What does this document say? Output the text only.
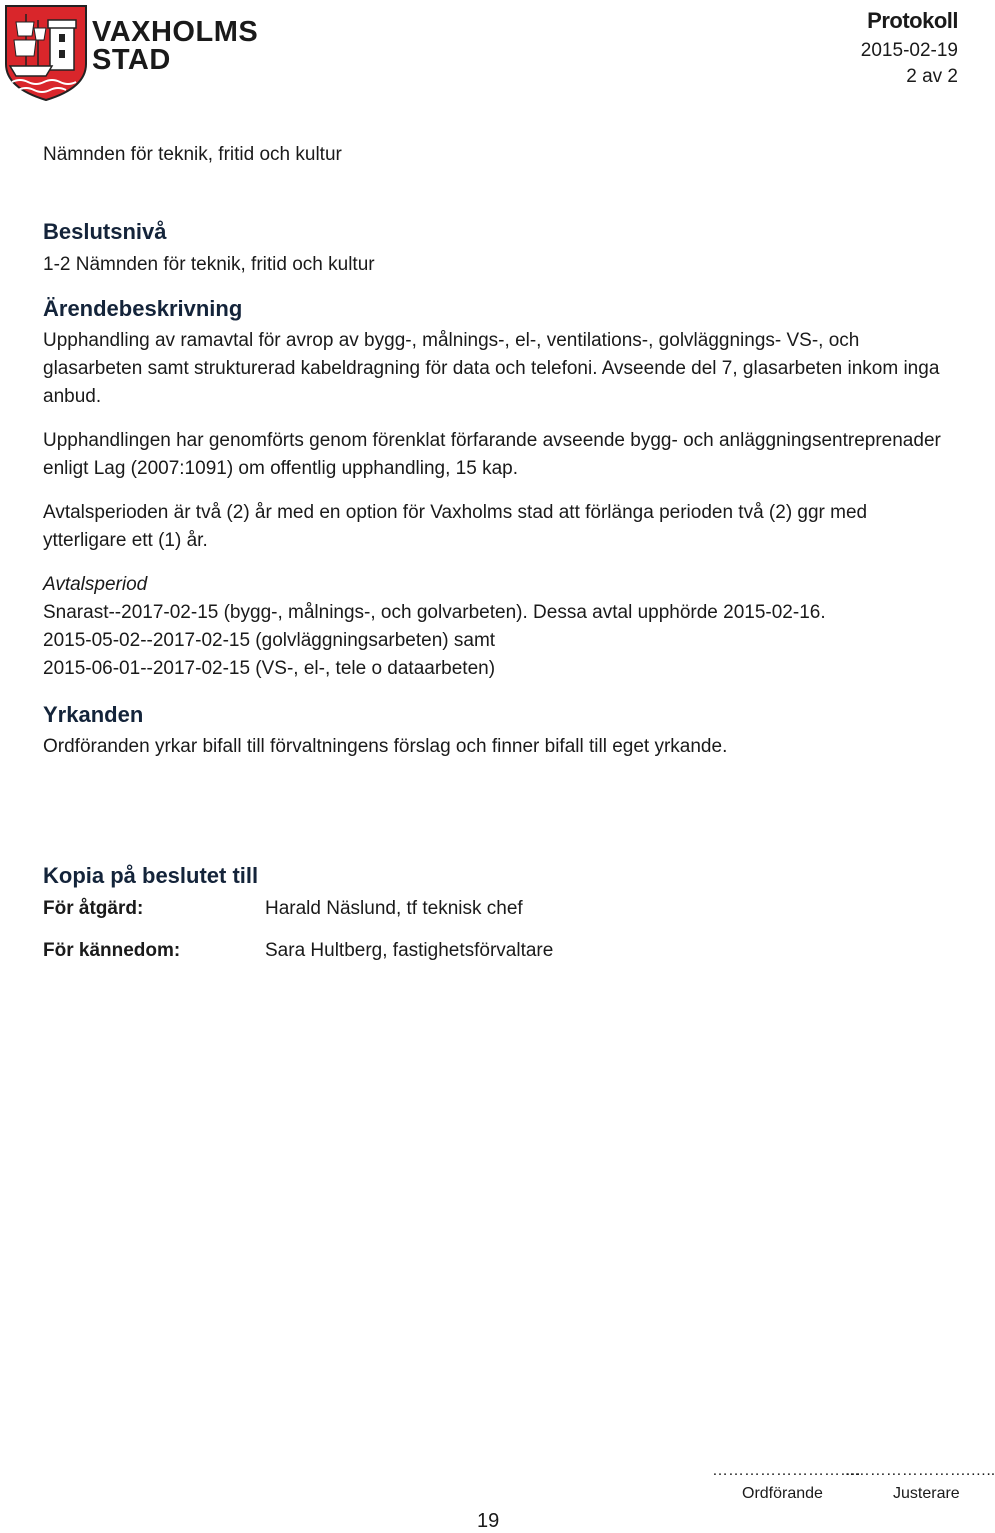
VAXHOLMS
STAD
Protokoll
2015-02-19
2 av 2
Nämnden för teknik, fritid och kultur
Beslutsnivå
1-2 Nämnden för teknik, fritid och kultur
Ärendebeskrivning
Upphandling av ramavtal för avrop av bygg-, målnings-, el-, ventilations-, golvläggnings- VS-, och glasarbeten samt strukturerad kabeldragning för data och telefoni. Avseende del 7, glasarbeten inkom inga anbud.
Upphandlingen har genomförts genom förenklat förfarande avseende bygg- och anläggningsentreprenader enligt Lag (2007:1091) om offentlig upphandling, 15 kap.
Avtalsperioden är två (2) år med en option för Vaxholms stad att förlänga perioden två (2) ggr med ytterligare ett (1) år.
Avtalsperiod
Snarast--2017-02-15 (bygg-, målnings-, och golvarbeten). Dessa avtal upphörde 2015-02-16.
2015-05-02--2017-02-15 (golvläggningsarbeten) samt
2015-06-01--2017-02-15 (VS-, el-, tele o dataarbeten)
Yrkanden
Ordföranden yrkar bifall till förvaltningens förslag och finner bifall till eget yrkande.
Kopia på beslutet till
För åtgärd:	Harald Näslund, tf teknisk chef
För kännedom:	Sara Hultberg, fastighetsförvaltare
……………………….
..………………….…..
Ordförande	Justerare
19
